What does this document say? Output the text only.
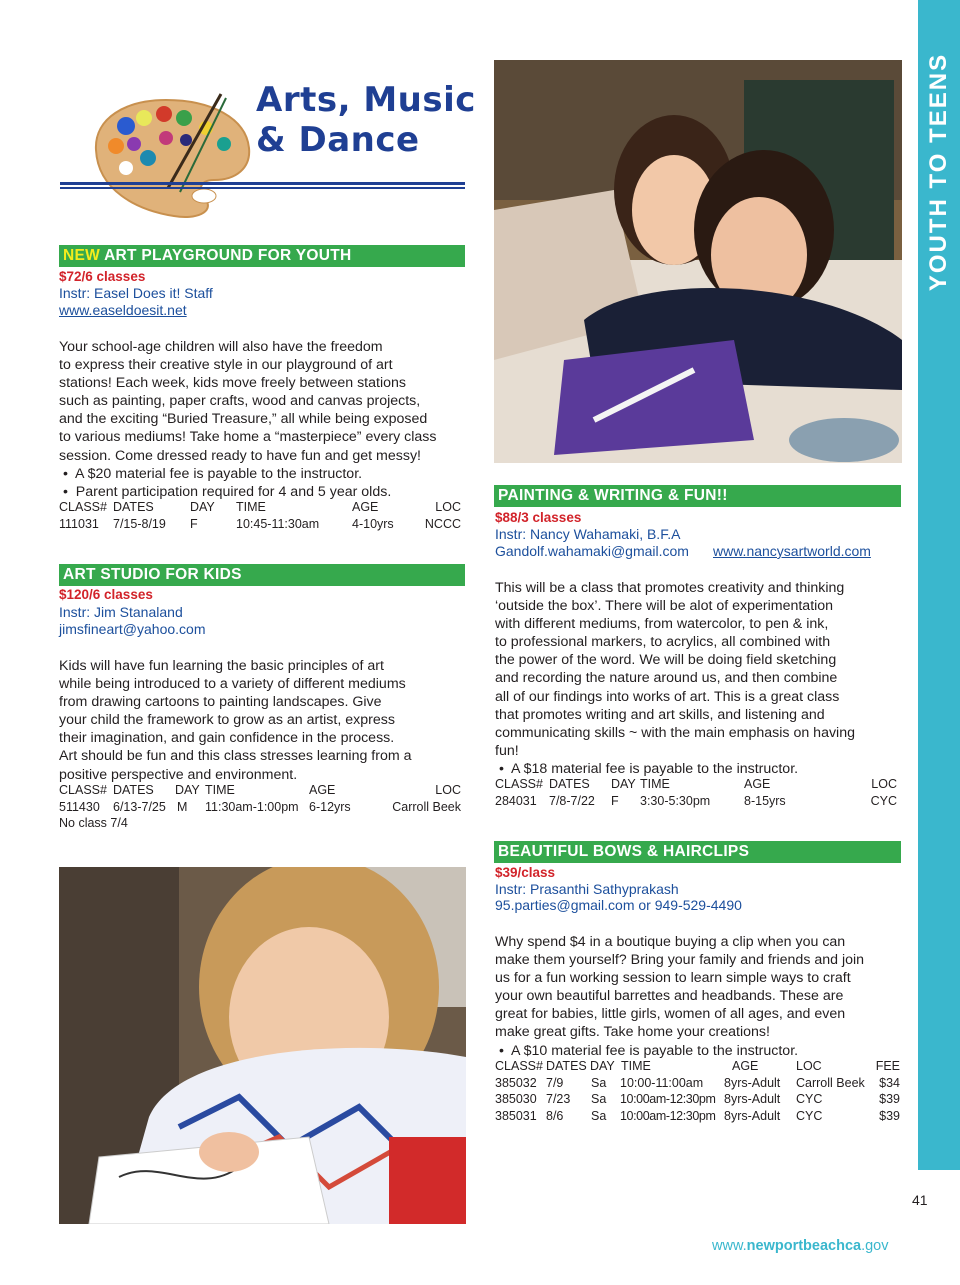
YOUTH TO TEENS
Arts, Music
& Dance
NEW ART PLAYGROUND FOR YOUTH
$72/6 classes
Instr: Easel Does it! Staff
www.easeldoesit.net
Your school-age children will also have the freedom
to express their creative style in our playground of art
stations! Each week, kids move freely between stations
such as painting, paper crafts, wood and canvas projects,
and the exciting “Buried Treasure,” all while being exposed
to various mediums! Take home a “masterpiece” every class
session. Come dressed ready to have fun and get messy!
•  A $20 material fee is payable to the instructor.
•  Parent participation required for 4 and 5 year olds.
CLASS# DATES	DAY TIME	AGE	LOC
111031 7/15-8/19 F	10:45-11:30am	4-10yrs NCCC
ART STUDIO FOR KIDS
$120/6 classes
Instr: Jim Stanaland
jimsfineart@yahoo.com
Kids will have fun learning the basic principles of art
while being introduced to a variety of different mediums
from drawing cartoons to painting landscapes. Give
your child the framework to grow as an artist, express
their imagination, and gain confidence in the process.
Art should be fun and this class stresses learning from a
positive perspective and environment.
CLASS# DATES DAY TIME	AGE	LOC
511430 6/13-7/25 M 11:30am-1:00pm 6-12yrs	Carroll Beek
No class 7/4
PAINTING & WRITING & FUN!!
$88/3 classes
Instr: Nancy Wahamaki, B.F.A
Gandolf.wahamaki@gmail.com www.nancysartworld.com
This will be a class that promotes creativity and thinking
‘outside the box’. There will be alot of experimentation
with different mediums, from watercolor, to pen & ink,
to professional markers, to acrylics, all combined with
the power of the word. We will be doing field sketching
and recording the nature around us, and then combine
all of our findings into works of art. This is a great class
that promotes writing and art skills, and listening and
communicating skills ~ with the main emphasis on having
fun!
•  A $18 material fee is payable to the instructor.
CLASS# DATES DAY TIME	AGE	LOC
284031 7/8-7/22 F 3:30-5:30pm	8-15yrs	CYC
BEAUTIFUL BOWS & HAIRCLIPS
$39/class
Instr: Prasanthi Sathyprakash
95.parties@gmail.com or 949-529-4490
Why spend $4 in a boutique buying a clip when you can
make them yourself? Bring your family and friends and join
us for a fun working session to learn simple ways to craft
your own beautiful barrettes and headbands. These are
great for babies, little girls, women of all ages, and even
make great gifts. Take home your creations!
•  A $10 material fee is payable to the instructor.
CLASS# DATES DAY TIME	AGE	LOC	FEE
385032 7/9 Sa 10:00-11:00am 8yrs-Adult Carroll Beek $34
385030 7/23 Sa 10:00am-12:30pm 8yrs-Adult CYC	$39
385031 8/6 Sa 10:00am-12:30pm 8yrs-Adult CYC	$39
41
www.newportbeachca.gov
